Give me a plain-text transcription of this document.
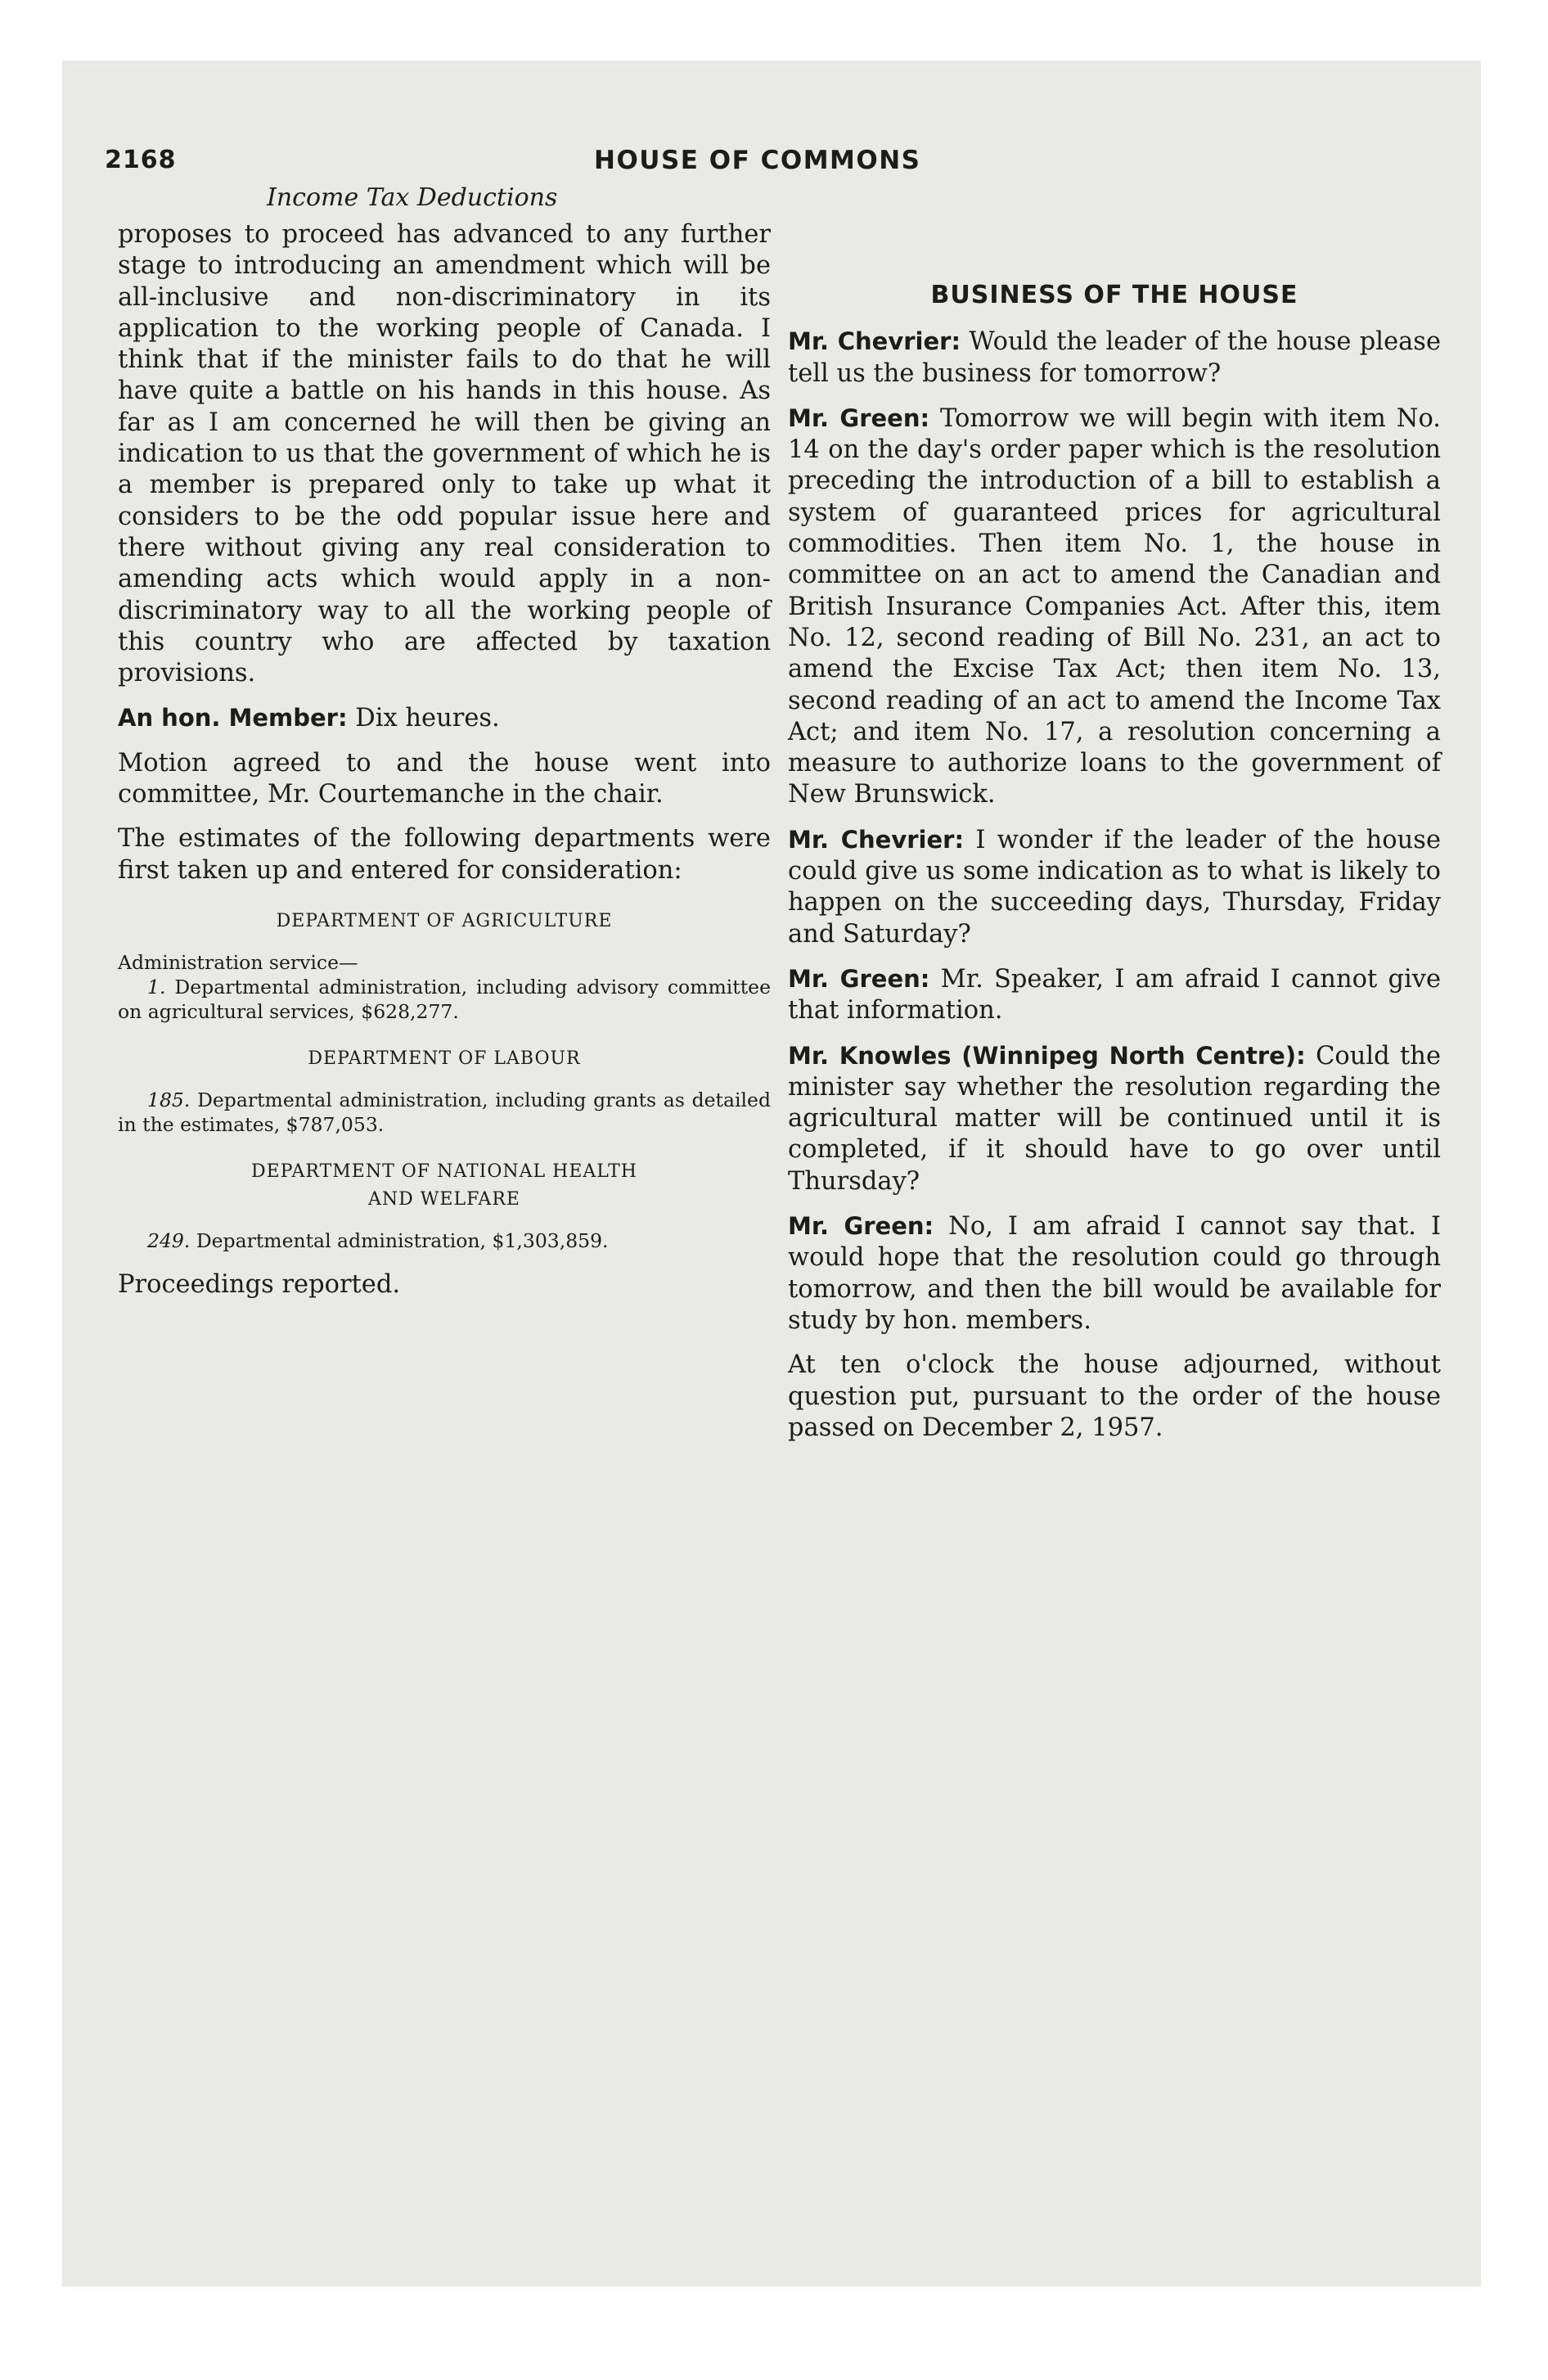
2168	HOUSE OF COMMONS
Income Tax Deductions

proposes to proceed has advanced to any further stage to introducing an amendment which will be all-inclusive and non-discriminatory in its application to the working people of Canada. I think that if the minister fails to do that he will have quite a battle on his hands in this house. As far as I am concerned he will then be giving an indication to us that the government of which he is a member is prepared only to take up what it considers to be the odd popular issue here and there without giving any real consideration to amending acts which would apply in a non-discriminatory way to all the working people of this country who are affected by taxation provisions.

An hon. Member: Dix heures.

Motion agreed to and the house went into committee, Mr. Courtemanche in the chair.

The estimates of the following departments were first taken up and entered for consideration:

DEPARTMENT OF AGRICULTURE
Administration service—

1. Departmental administration, including advisory committee on agricultural services, $628,277.

DEPARTMENT OF LABOUR

185. Departmental administration, including grants as detailed in the estimates, $787,053.

DEPARTMENT OF NATIONAL HEALTH
AND WELFARE

249. Departmental administration, $1,303,859.

Proceedings reported.

BUSINESS OF THE HOUSE

Mr. Chevrier: Would the leader of the house please tell us the business for tomorrow?

Mr. Green: Tomorrow we will begin with item No. 14 on the day's order paper which is the resolution preceding the introduction of a bill to establish a system of guaranteed prices for agricultural commodities. Then item No. 1, the house in committee on an act to amend the Canadian and British Insurance Companies Act. After this, item No. 12, second reading of Bill No. 231, an act to amend the Excise Tax Act; then item No. 13, second reading of an act to amend the Income Tax Act; and item No. 17, a resolution concerning a measure to authorize loans to the government of New Brunswick.

Mr. Chevrier: I wonder if the leader of the house could give us some indication as to what is likely to happen on the succeeding days, Thursday, Friday and Saturday?

Mr. Green: Mr. Speaker, I am afraid I cannot give that information.

Mr. Knowles (Winnipeg North Centre): Could the minister say whether the resolution regarding the agricultural matter will be continued until it is completed, if it should have to go over until Thursday?

Mr. Green: No, I am afraid I cannot say that. I would hope that the resolution could go through tomorrow, and then the bill would be available for study by hon. members.

At ten o'clock the house adjourned, without question put, pursuant to the order of the house passed on December 2, 1957.
